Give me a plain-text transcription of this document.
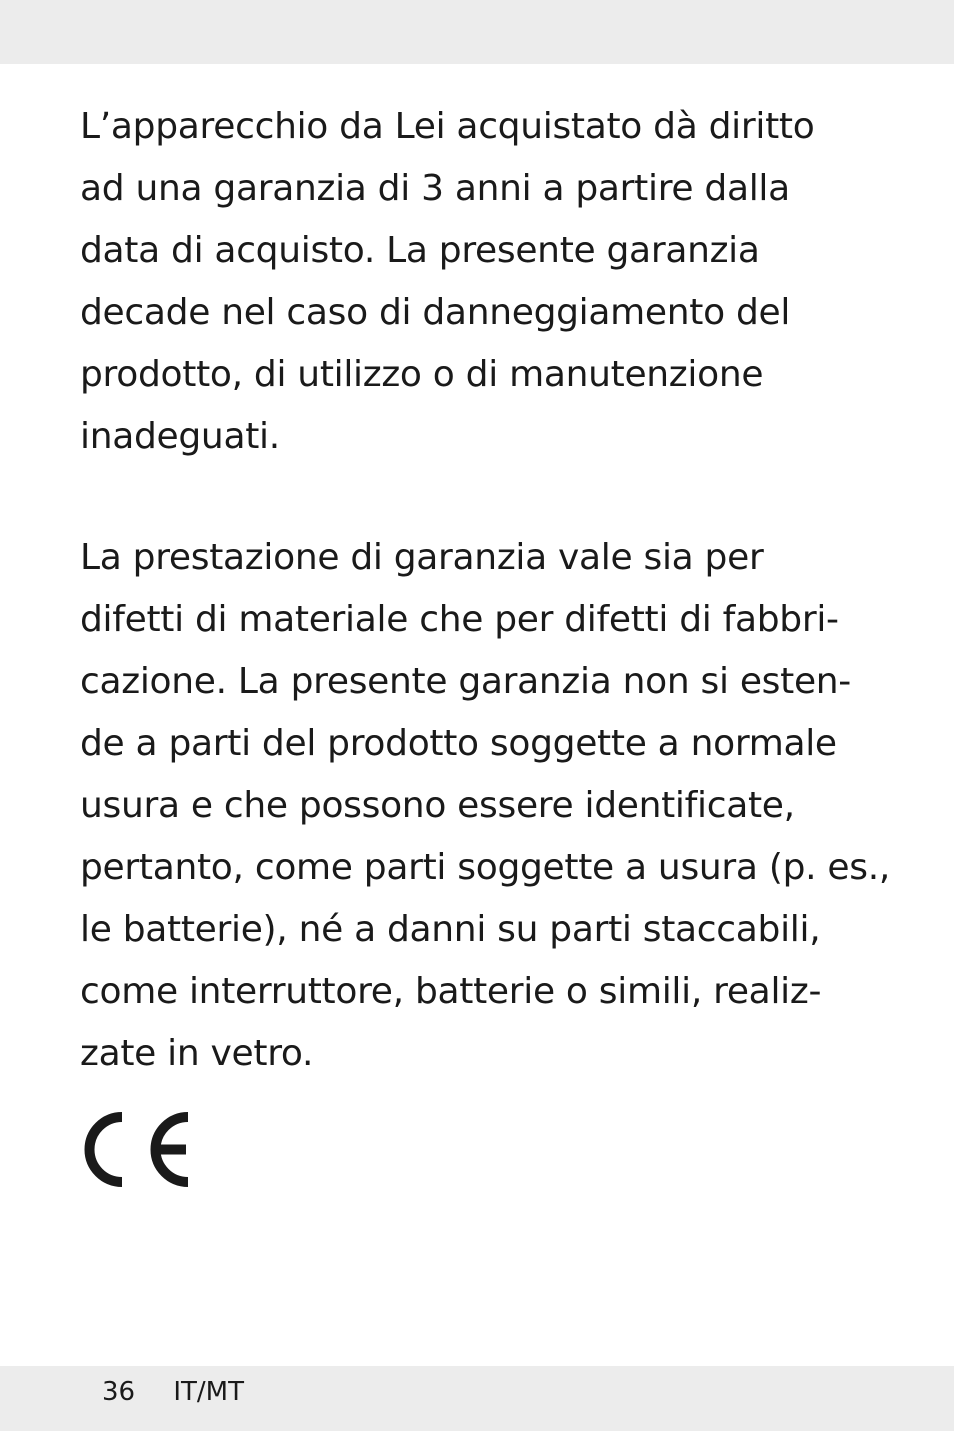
L’apparecchio da Lei acquistato dà diritto
ad una garanzia di 3 anni a partire dalla
data di acquisto. La presente garanzia
decade nel caso di danneggiamento del
prodotto, di utilizzo o di manutenzione
inadeguati.

La prestazione di garanzia vale sia per
difetti di materiale che per difetti di fabbri-
cazione. La presente garanzia non si esten-
de a parti del prodotto soggette a normale
usura e che possono essere identificate,
pertanto, come parti soggette a usura (p. es.,
le batterie), né a danni su parti staccabili,
come interruttore, batterie o simili, realiz-
zate in vetro.

36 IT/MT
